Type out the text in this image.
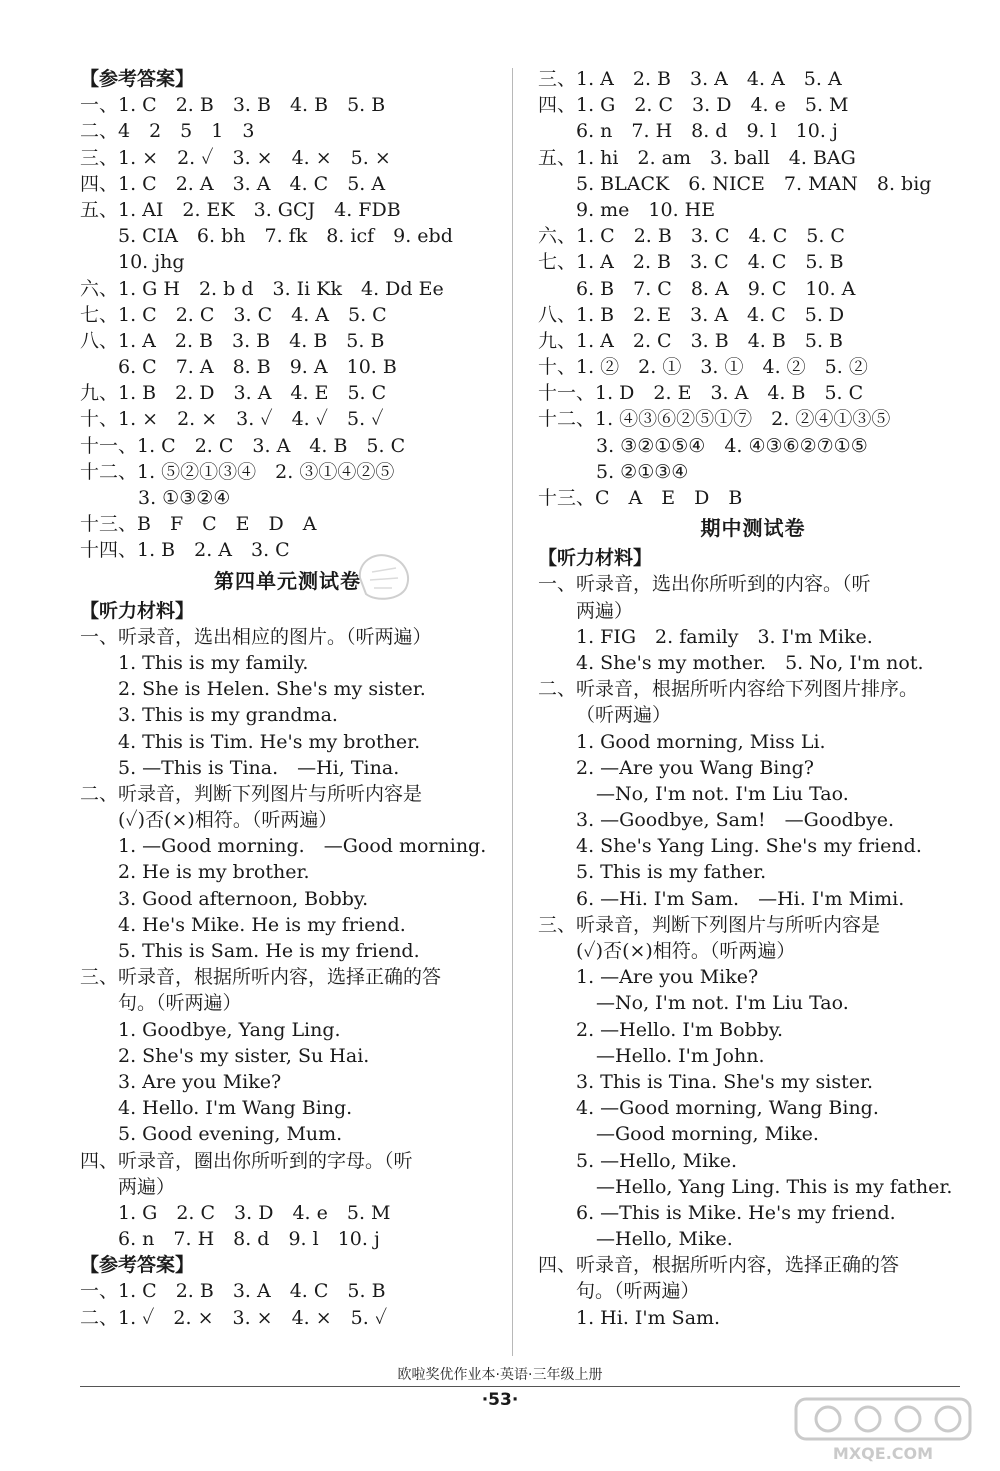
【参考答案】
一、1. C　2. B　3. B　4. B　5. B
二、4　2　5　1　3
三、1. ×　2. ✓　3. ×　4. ×　5. ×
四、1. C　2. A　3. A　4. C　5. A
五、1. AI　2. EK　3. GCJ　4. FDB
5. CIA　6. bh　7. fk　8. icf　9. ebd
10. jhg
六、1. G H　2. b d　3. Ii Kk　4. Dd Ee
七、1. C　2. C　3. C　4. A　5. C
八、1. A　2. B　3. B　4. B　5. B
6. C　7. A　8. B　9. A　10. B
九、1. B　2. D　3. A　4. E　5. C
十、1. ×　2. ×　3. ✓　4. ✓　5. ✓
十一、1. C　2. C　3. A　4. B　5. C
十二、1. ⑤②①③④　2. ③①④②⑤
3. ①③②④
十三、B　F　C　E　D　A
十四、1. B　2. A　3. C
第四单元测试卷
【听力材料】
一、听录音，选出相应的图片。（听两遍）
1. This is my family.
2. She is Helen. She's my sister.
3. This is my grandma.
4. This is Tim. He's my brother.
5. —This is Tina.　—Hi, Tina.
二、听录音，判断下列图片与所听内容是
(✓)否(×)相符。（听两遍）
1. —Good morning.　—Good morning.
2. He is my brother.
3. Good afternoon, Bobby.
4. He's Mike. He is my friend.
5. This is Sam. He is my friend.
三、听录音，根据所听内容，选择正确的答
句。（听两遍）
1. Goodbye, Yang Ling.
2. She's my sister, Su Hai.
3. Are you Mike?
4. Hello. I'm Wang Bing.
5. Good evening, Mum.
四、听录音，圈出你所听到的字母。（听
两遍）
1. G　2. C　3. D　4. e　5. M
6. n　7. H　8. d　9. l　10. j
【参考答案】
一、1. C　2. B　3. A　4. C　5. B
二、1. ✓　2. ×　3. ×　4. ×　5. ✓
三、1. A　2. B　3. A　4. A　5. A
四、1. G　2. C　3. D　4. e　5. M
6. n　7. H　8. d　9. l　10. j
五、1. hi　2. am　3. ball　4. BAG
5. BLACK　6. NICE　7. MAN　8. big
9. me　10. HE
六、1. C　2. B　3. C　4. C　5. C
七、1. A　2. B　3. C　4. C　5. B
6. B　7. C　8. A　9. C　10. A
八、1. B　2. E　3. A　4. C　5. D
九、1. A　2. C　3. B　4. B　5. B
十、1. ②　2. ①　3. ①　4. ②　5. ②
十一、1. D　2. E　3. A　4. B　5. C
十二、1. ④③⑥②⑤①⑦　2. ②④①③⑤
3. ③②①⑤④　4. ④③⑥②⑦①⑤
5. ②①③④
十三、C　A　E　D　B
期中测试卷
【听力材料】
一、听录音，选出你所听到的内容。（听
两遍）
1. FIG　2. family　3. I'm Mike.
4. She's my mother.　5. No, I'm not.
二、听录音，根据所听内容给下列图片排序。
（听两遍）
1. Good morning, Miss Li.
2. —Are you Wang Bing?
—No, I'm not. I'm Liu Tao.
3. —Goodbye, Sam!　—Goodbye.
4. She's Yang Ling. She's my friend.
5. This is my father.
6. —Hi. I'm Sam.　—Hi. I'm Mimi.
三、听录音，判断下列图片与所听内容是
(✓)否(×)相符。（听两遍）
1. —Are you Mike?
—No, I'm not. I'm Liu Tao.
2. —Hello. I'm Bobby.
—Hello. I'm John.
3. This is Tina. She's my sister.
4. —Good morning, Wang Bing.
—Good morning, Mike.
5. —Hello, Mike.
—Hello, Yang Ling. This is my father.
6. —This is Mike. He's my friend.
—Hello, Mike.
四、听录音，根据所听内容，选择正确的答
句。（听两遍）
1. Hi. I'm Sam.
欧啦奖优作业本·英语·三年级上册
·53·
MXQE.COM
